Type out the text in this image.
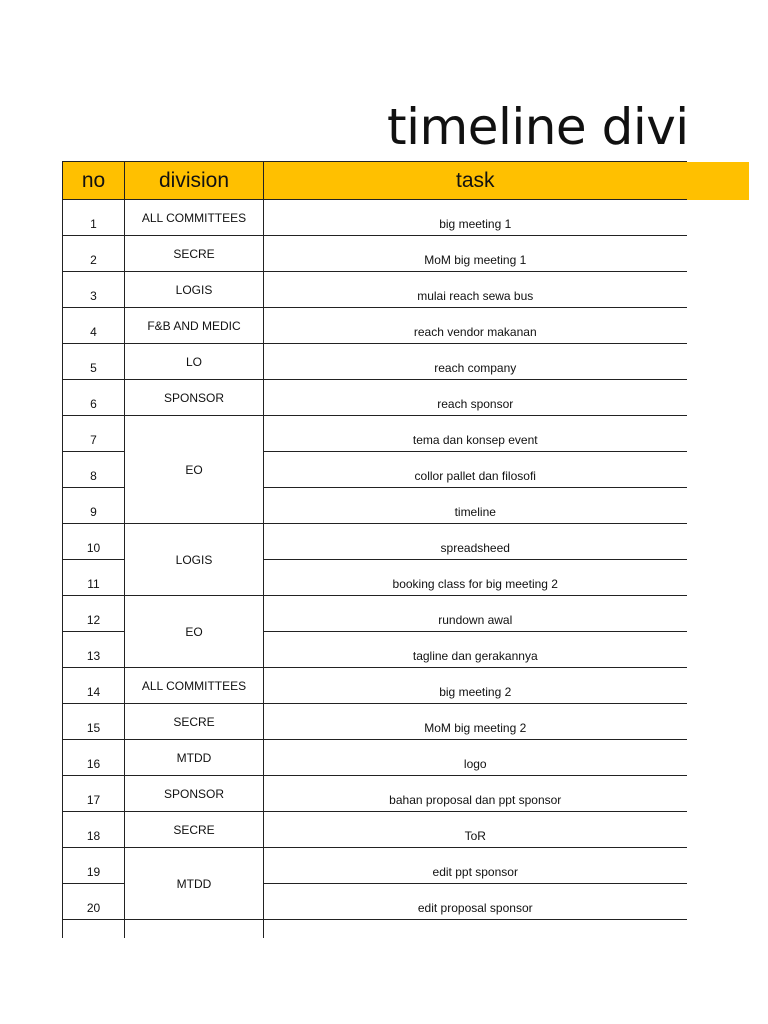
timeline divi
no	division	task	
1	ALL COMMITTEES	big meeting 1	
2	SECRE	MoM big meeting 1	
3	LOGIS	mulai reach sewa bus	
4	F&B AND MEDIC	reach vendor makanan	
5	LO	reach company	
6	SPONSOR	reach sponsor	
7	EO	tema dan konsep event	
8		collor pallet dan filosofi	
9		timeline	
10	LOGIS	spreadsheed	
11		booking class for big meeting 2	
12	EO	rundown awal	
13		tagline dan gerakannya	
14	ALL COMMITTEES	big meeting 2	
15	SECRE	MoM big meeting 2	
16	MTDD	logo	
17	SPONSOR	bahan proposal dan ppt sponsor	
18	SECRE	ToR	
19	MTDD	edit ppt sponsor	
20		edit proposal sponsor	
